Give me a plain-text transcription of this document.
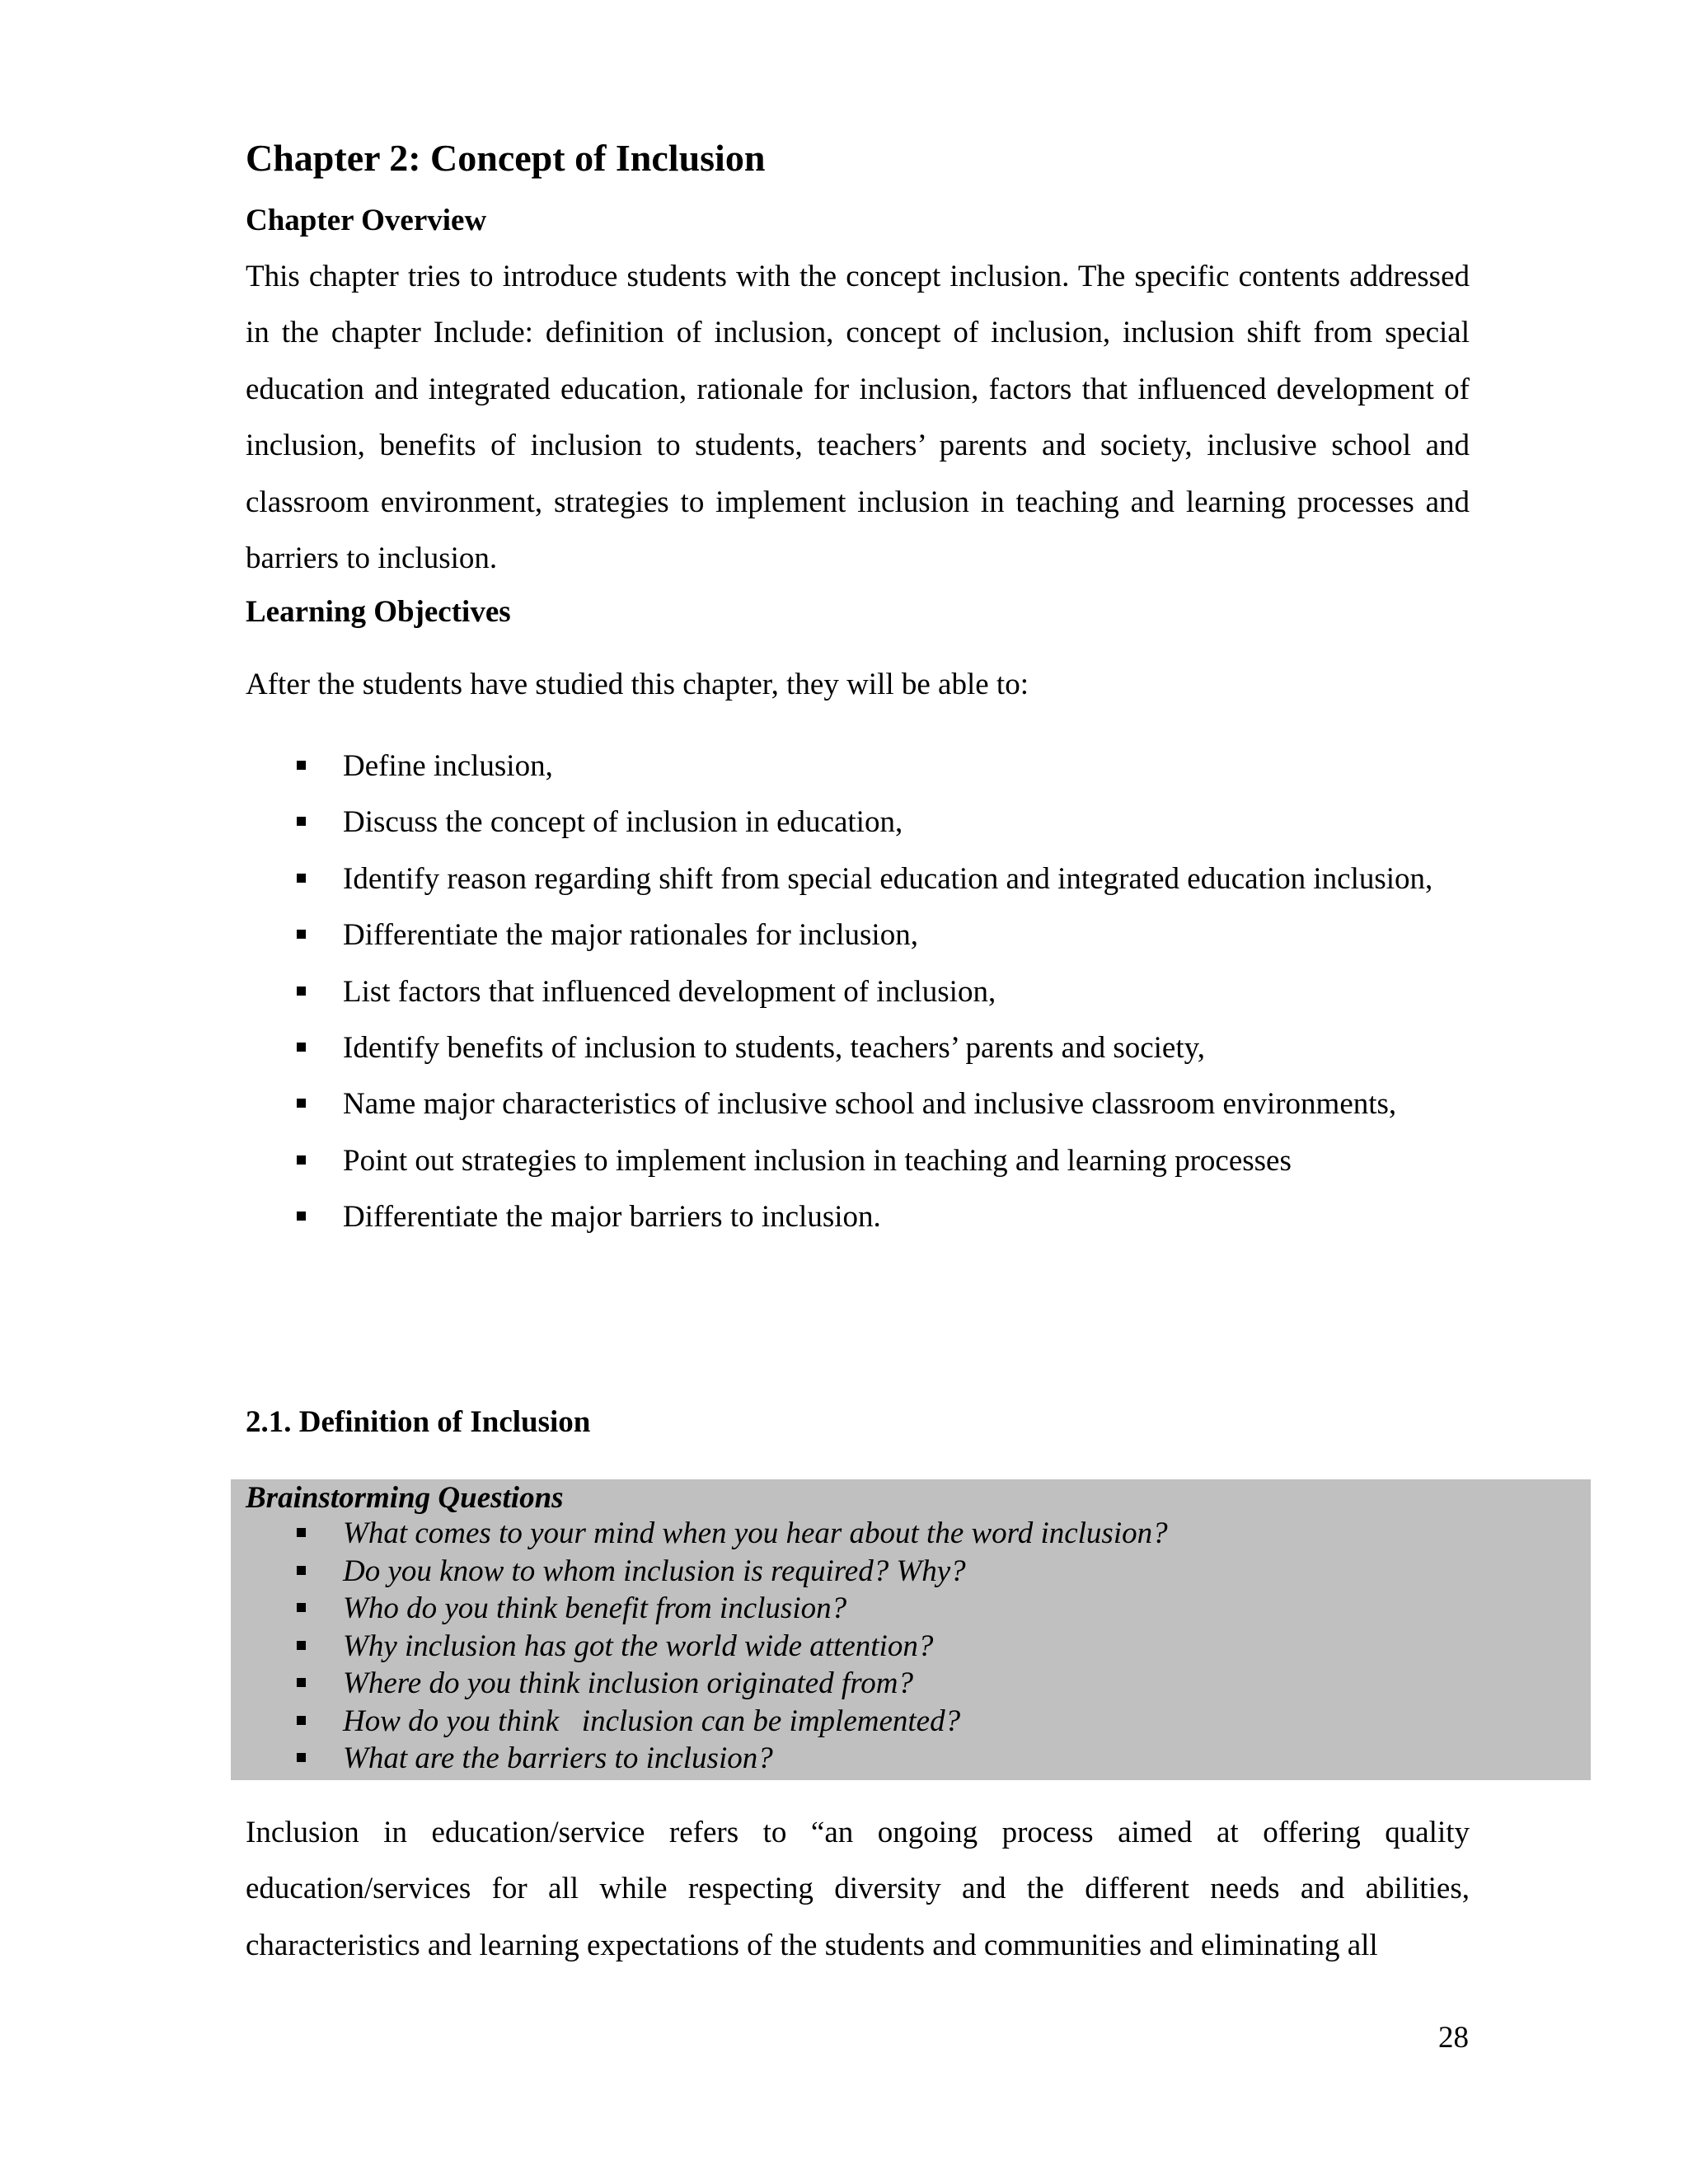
Chapter 2: Concept of Inclusion
Chapter Overview

This chapter tries to introduce students with the concept inclusion. The specific contents addressed in the chapter Include: definition of inclusion, concept of inclusion, inclusion shift from special education and integrated education, rationale for inclusion, factors that influenced development of inclusion, benefits of inclusion to students, teachers’ parents and society, inclusive school and classroom environment, strategies to implement inclusion in teaching and learning processes and barriers to inclusion.

Learning Objectives

After the students have studied this chapter, they will be able to:

Define inclusion,
Discuss the concept of inclusion in education,
Identify reason regarding shift from special education and integrated education inclusion,
Differentiate the major rationales for inclusion,
List factors that influenced development of inclusion,
Identify benefits of inclusion to students, teachers’ parents and society,
Name major characteristics of inclusive school and inclusive classroom environments,
Point out strategies to implement inclusion in teaching and learning processes
Differentiate the major barriers to inclusion.
2.1. Definition of Inclusion
Brainstorming Questions
What comes to your mind when you hear about the word inclusion?
Do you know to whom inclusion is required? Why?
Who do you think benefit from inclusion?
Why inclusion has got the world wide attention?
Where do you think inclusion originated from?
How do you think   inclusion can be implemented?
What are the barriers to inclusion?

Inclusion in education/service refers to “an ongoing process aimed at offering quality education/services for all while respecting diversity and the different needs and abilities, characteristics and learning expectations of the students and communities and eliminating all

28
